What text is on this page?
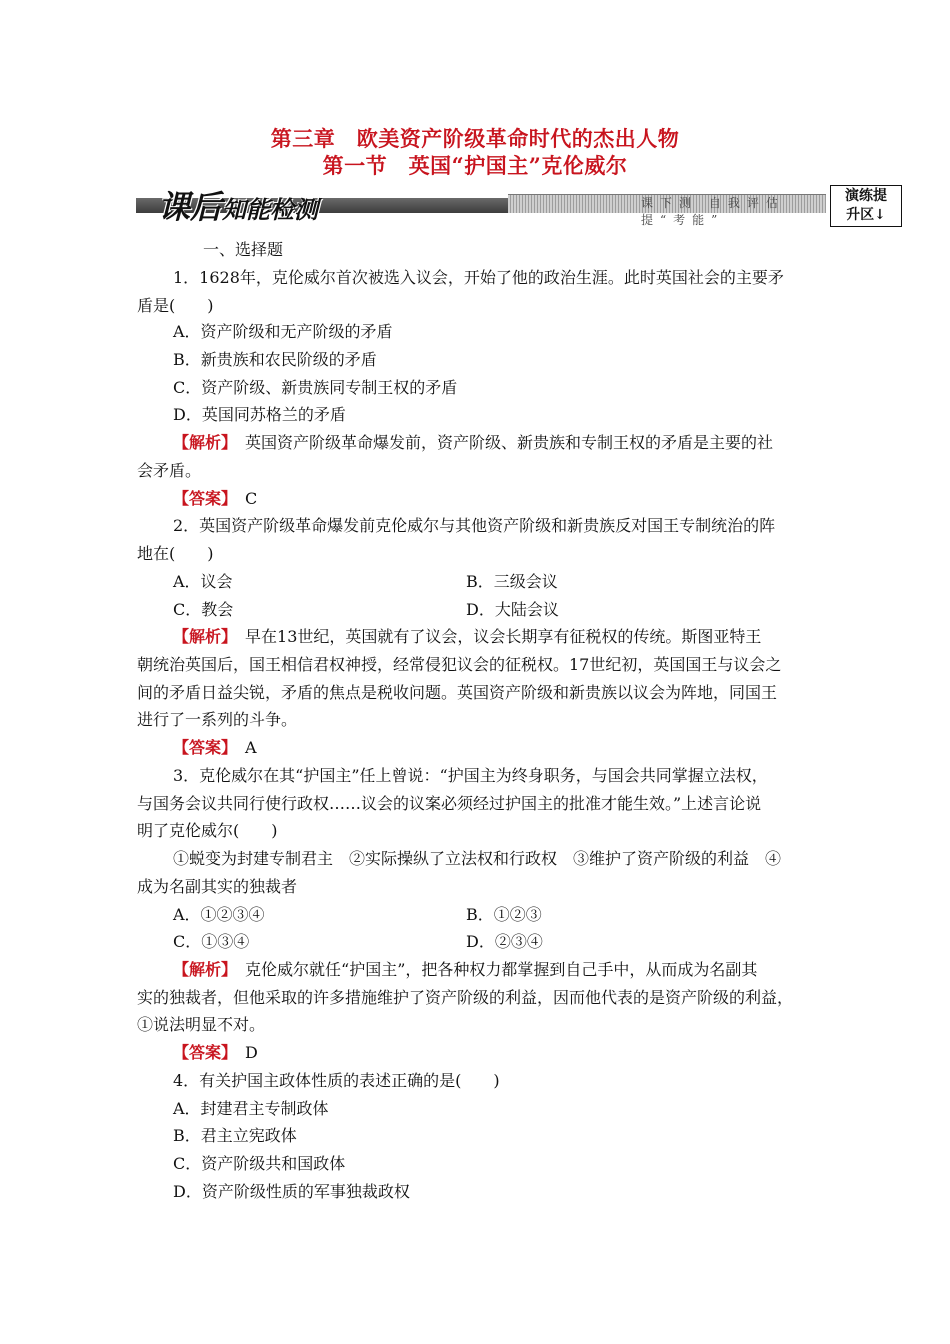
第三章　欧美资产阶级革命时代的杰出人物
第一节　英国“护国主”克伦威尔
课后知能检测	课下测 自我评估 提“考能”
演练提
升区↓
一、选择题
1．1628年，克伦威尔首次被选入议会，开始了他的政治生涯。此时英国社会的主要矛
盾是(　　)
A．资产阶级和无产阶级的矛盾
B．新贵族和农民阶级的矛盾
C．资产阶级、新贵族同专制王权的矛盾
D．英国同苏格兰的矛盾
【解析】　英国资产阶级革命爆发前，资产阶级、新贵族和专制王权的矛盾是主要的社
会矛盾。
【答案】　C
2．英国资产阶级革命爆发前克伦威尔与其他资产阶级和新贵族反对国王专制统治的阵
地在(　　)
A．议会	B．三级会议
C．教会	D．大陆会议
【解析】　早在13世纪，英国就有了议会，议会长期享有征税权的传统。斯图亚特王
朝统治英国后，国王相信君权神授，经常侵犯议会的征税权。17世纪初，英国国王与议会之
间的矛盾日益尖锐，矛盾的焦点是税收问题。英国资产阶级和新贵族以议会为阵地，同国王
进行了一系列的斗争。
【答案】　A
3．克伦威尔在其“护国主”任上曾说：“护国主为终身职务，与国会共同掌握立法权，
与国务会议共同行使行政权……议会的议案必须经过护国主的批准才能生效。”上述言论说
明了克伦威尔(　　)
①蜕变为封建专制君主　②实际操纵了立法权和行政权　③维护了资产阶级的利益　④
成为名副其实的独裁者
A．①②③④	B．①②③
C．①③④	D．②③④
【解析】　克伦威尔就任“护国主”，把各种权力都掌握到自己手中，从而成为名副其
实的独裁者，但他采取的许多措施维护了资产阶级的利益，因而他代表的是资产阶级的利益，
①说法明显不对。
【答案】　D
4．有关护国主政体性质的表述正确的是(　　)
A．封建君主专制政体
B．君主立宪政体
C．资产阶级共和国政体
D．资产阶级性质的军事独裁政权
